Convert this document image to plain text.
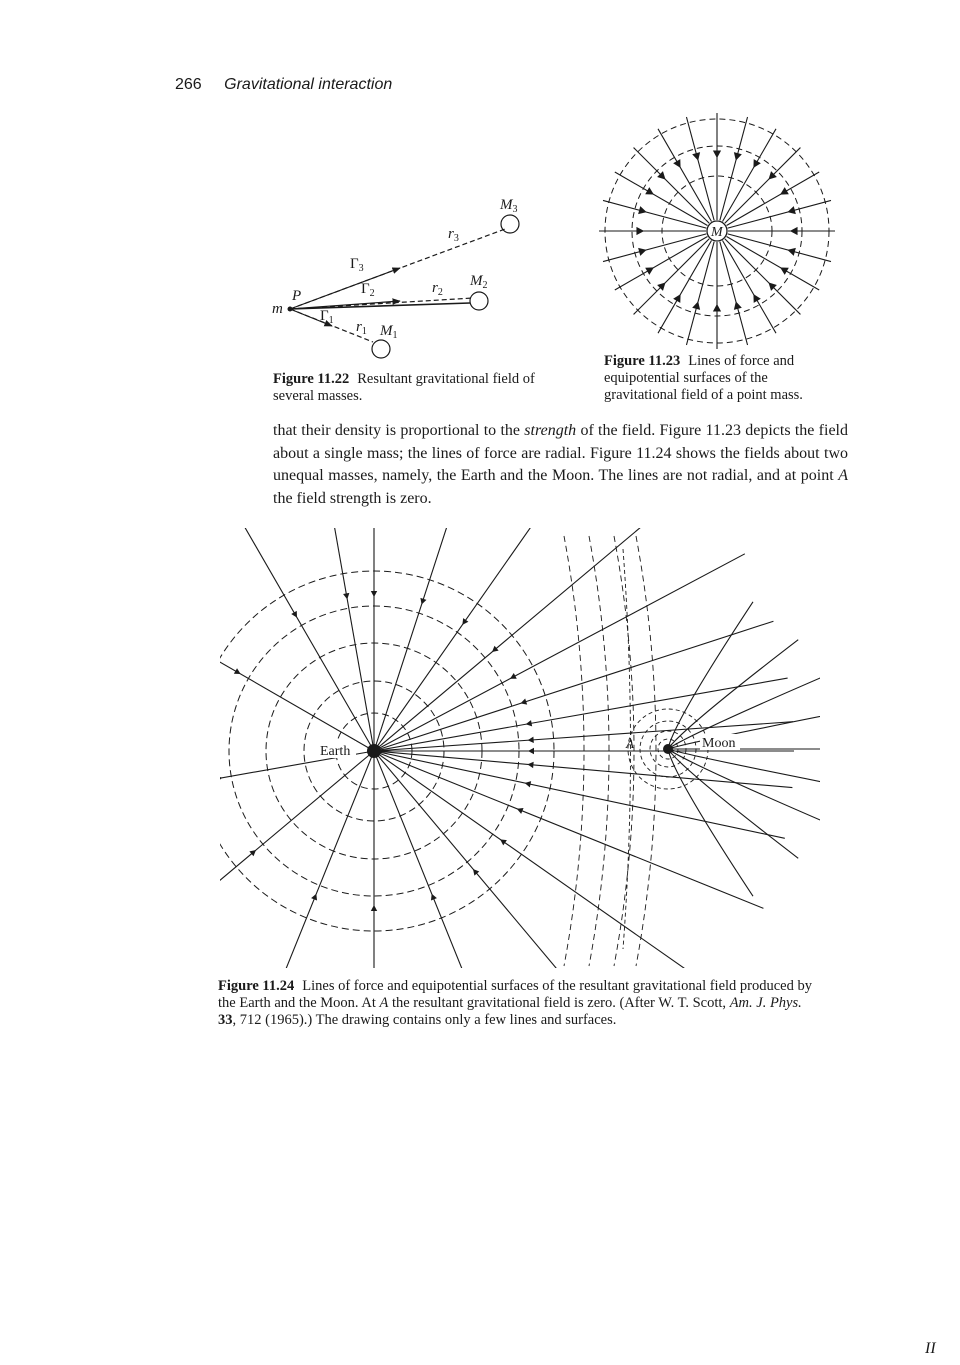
266 Gravitational interaction
m
P
$M_3$
$M_2$
$M_1$
$r_3$
$r_2$
$r_1$
$\Gamma_3$
$\Gamma_2$
$\Gamma_1$
Figure 11.22 Resultant gravitational field of several masses.
M
Figure 11.23 Lines of force and equipotential surfaces of the gravitational field of a point mass.
that their density is proportional to the strength of the field. Figure 11.23 depicts the field about a single mass; the lines of force are radial. Figure 11.24 shows the fields about two unequal masses, namely, the Earth and the Moon. The lines are not radial, and at point A the field strength is zero.
Earth
Moon
A
Figure 11.24 Lines of force and equipotential surfaces of the resultant gravitational field produced by the Earth and the Moon. At A the resultant gravitational field is zero. (After W. T. Scott, Am. J. Phys. 33, 712 (1965).) The drawing contains only a few lines and surfaces.
II
